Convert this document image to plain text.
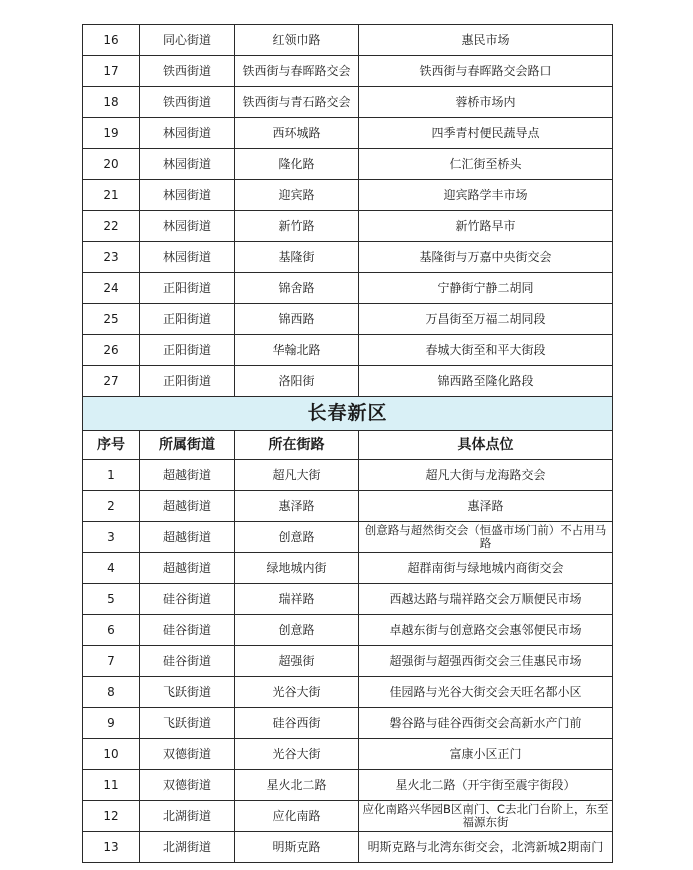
16	同心街道	红领巾路	惠民市场
17	铁西街道	铁西街与春晖路交会	铁西街与春晖路交会路口
18	铁西街道	铁西街与青石路交会	蓉桥市场内
19	林园街道	西环城路	四季青村便民蔬导点
20	林园街道	隆化路	仁汇街至桥头
21	林园街道	迎宾路	迎宾路学丰市场
22	林园街道	新竹路	新竹路早市
23	林园街道	基隆街	基隆街与万嘉中央街交会
24	正阳街道	锦舍路	宁静街宁静二胡同
25	正阳街道	锦西路	万昌街至万福二胡同段
26	正阳街道	华翰北路	春城大街至和平大街段
27	正阳街道	洛阳街	锦西路至隆化路段
长春新区			
序号	所属街道	所在街路	具体点位
1	超越街道	超凡大街	超凡大街与龙海路交会
2	超越街道	惠泽路	惠泽路
3	超越街道	创意路	创意路与超然街交会（恒盛市场门前）不占用马路
4	超越街道	绿地城内街	超群南街与绿地城内商街交会
5	硅谷街道	瑞祥路	西越达路与瑞祥路交会万顺便民市场
6	硅谷街道	创意路	卓越东街与创意路交会惠邻便民市场
7	硅谷街道	超强街	超强街与超强西街交会三佳惠民市场
8	飞跃街道	光谷大街	佳园路与光谷大街交会天旺名都小区
9	飞跃街道	硅谷西街	磐谷路与硅谷西街交会高新水产门前
10	双德街道	光谷大街	富康小区正门
11	双德街道	星火北二路	星火北二路（开宇街至震宇街段）
12	北湖街道	应化南路	应化南路兴华园B区南门、C去北门台阶上，东至福源东街
13	北湖街道	明斯克路	明斯克路与北湾东街交会，北湾新城2期南门
